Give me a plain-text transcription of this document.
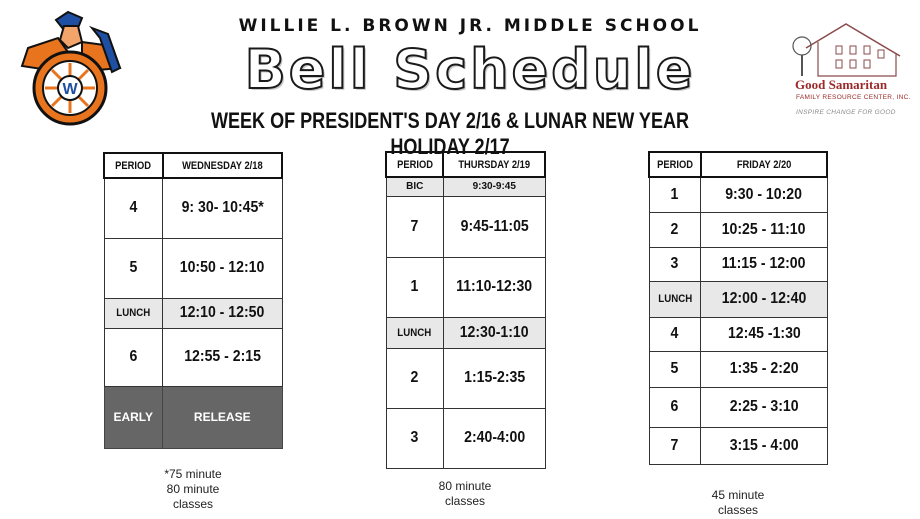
W	Good Samaritan
FAMILY RESOURCE CENTER, INC.
INSPIRE CHANGE FOR GOOD
WILLIE L. BROWN JR. MIDDLE SCHOOL
Bell Schedule
WEEK OF PRESIDENT'S DAY 2/16 & LUNAR NEW YEAR HOLIDAY 2/17
PERIOD	WEDNESDAY 2/18
4	9: 30- 10:45*
5	10:50 - 12:10
LUNCH	12:10 - 12:50
6	12:55 - 2:15
EARLY	RELEASE
*75 minute
80 minute
classes
PERIOD	THURSDAY 2/19
BIC	9:30-9:45
7	9:45-11:05
1	11:10-12:30
LUNCH	12:30-1:10
2	1:15-2:35
3	2:40-4:00
80 minute
classes
PERIOD	FRIDAY 2/20
1	9:30 - 10:20
2	10:25 - 11:10
3	11:15 - 12:00
LUNCH	12:00 - 12:40
4	12:45 -1:30
5	1:35 - 2:20
6	2:25 - 3:10
7	3:15 - 4:00
45 minute
classes
